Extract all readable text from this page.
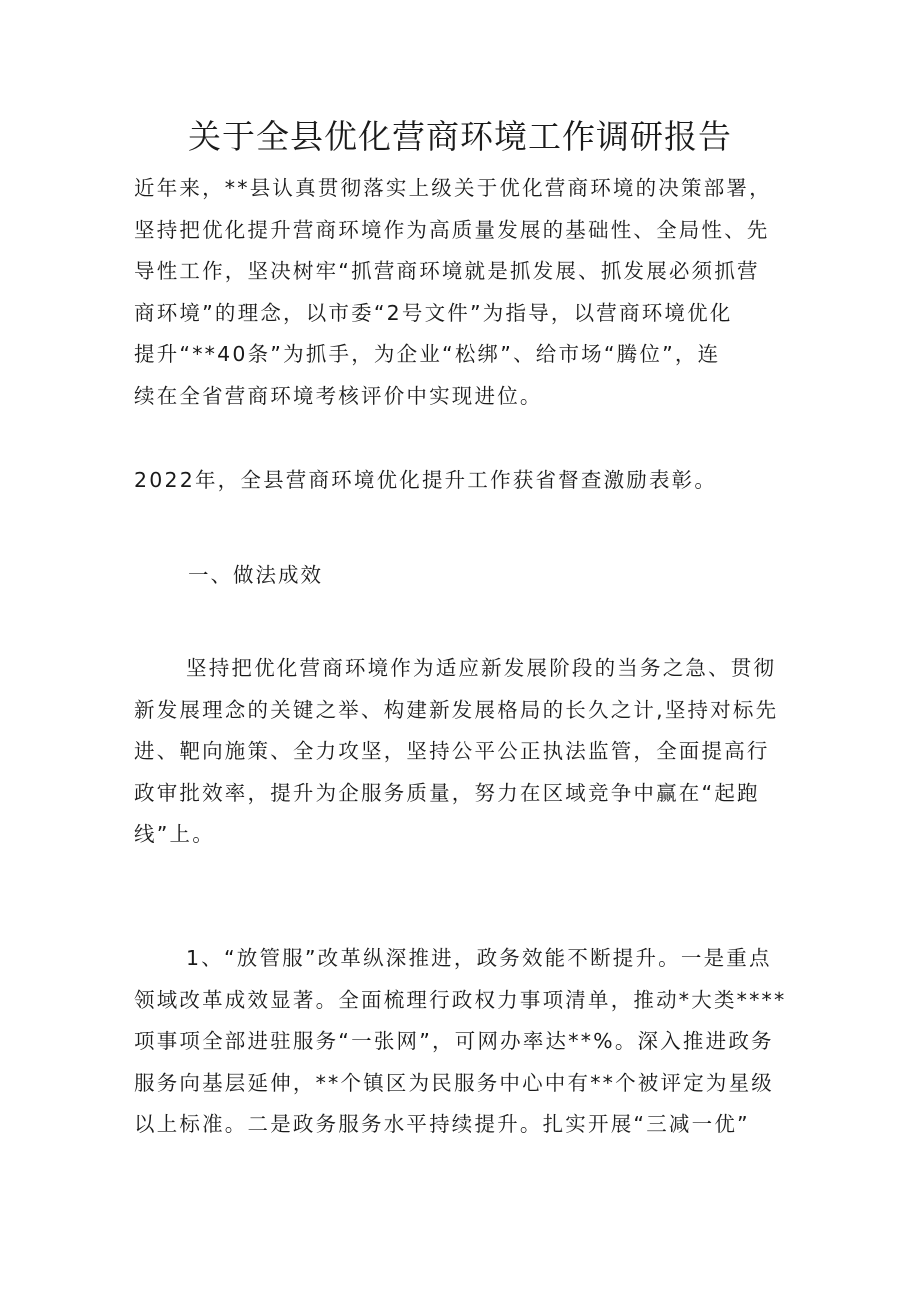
关于全县优化营商环境工作调研报告
近年来，**县认真贯彻落实上级关于优化营商环境的决策部署，
坚持把优化提升营商环境作为高质量发展的基础性、全局性、先
导性工作，坚决树牢“抓营商环境就是抓发展、抓发展必须抓营
商环境”的理念，以市委“2号文件”为指导，以营商环境优化
提升“**40条”为抓手，为企业“松绑”、给市场“腾位”，连
续在全省营商环境考核评价中实现进位。
2022年，全县营商环境优化提升工作获省督查激励表彰。
一、做法成效
坚持把优化营商环境作为适应新发展阶段的当务之急、贯彻
新发展理念的关键之举、构建新发展格局的长久之计,坚持对标先
进、靶向施策、全力攻坚，坚持公平公正执法监管，全面提高行
政审批效率，提升为企服务质量，努力在区域竞争中赢在“起跑
线”上。
1、“放管服”改革纵深推进，政务效能不断提升。一是重点
领域改革成效显著。全面梳理行政权力事项清单，推动*大类****
项事项全部进驻服务“一张网”，可网办率达**%。深入推进政务
服务向基层延伸，**个镇区为民服务中心中有**个被评定为星级
以上标准。二是政务服务水平持续提升。扎实开展“三减一优”
